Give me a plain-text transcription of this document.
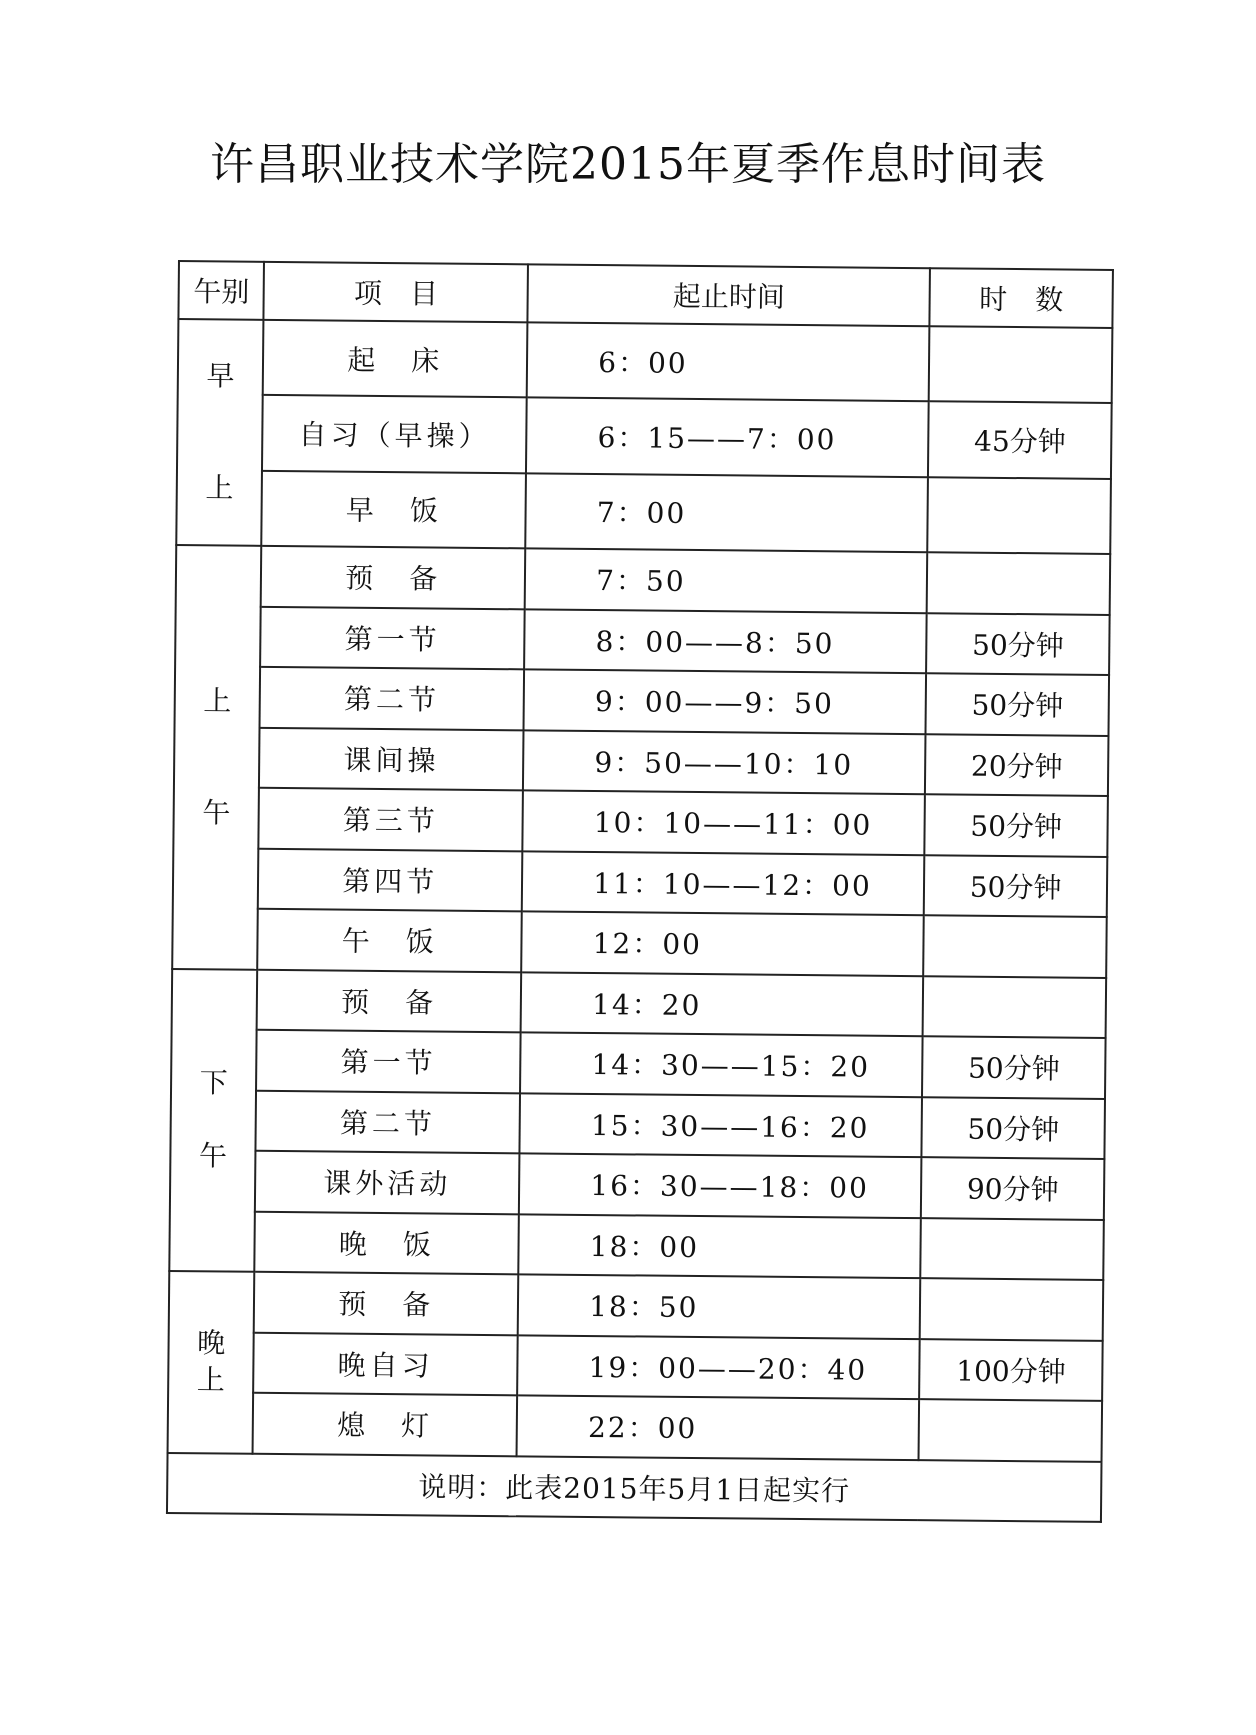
许昌职业技术学院2015年夏季作息时间表
午别	项　目	起止时间	时　数
早上	起　床	6：00	
	自习（早操）	6：15——7：00	45分钟
	早　饭	7：00	
上午	预　备	7：50	
	第一节	8：00——8：50	50分钟
	第二节	9：00——9：50	50分钟
	课间操	9：50——10：10	20分钟
	第三节	10：10——11：00	50分钟
	第四节	11：10——12：00	50分钟
	午　饭	12：00	
下午	预　备	14：20	
	第一节	14：30——15：20	50分钟
	第二节	15：30——16：20	50分钟
	课外活动	16：30——18：00	90分钟
	晚　饭	18：00	
晚上	预　备	18：50	
	晚自习	19：00——20：40	100分钟
	熄　灯	22：00	
说明：此表2015年5月1日起实行			
